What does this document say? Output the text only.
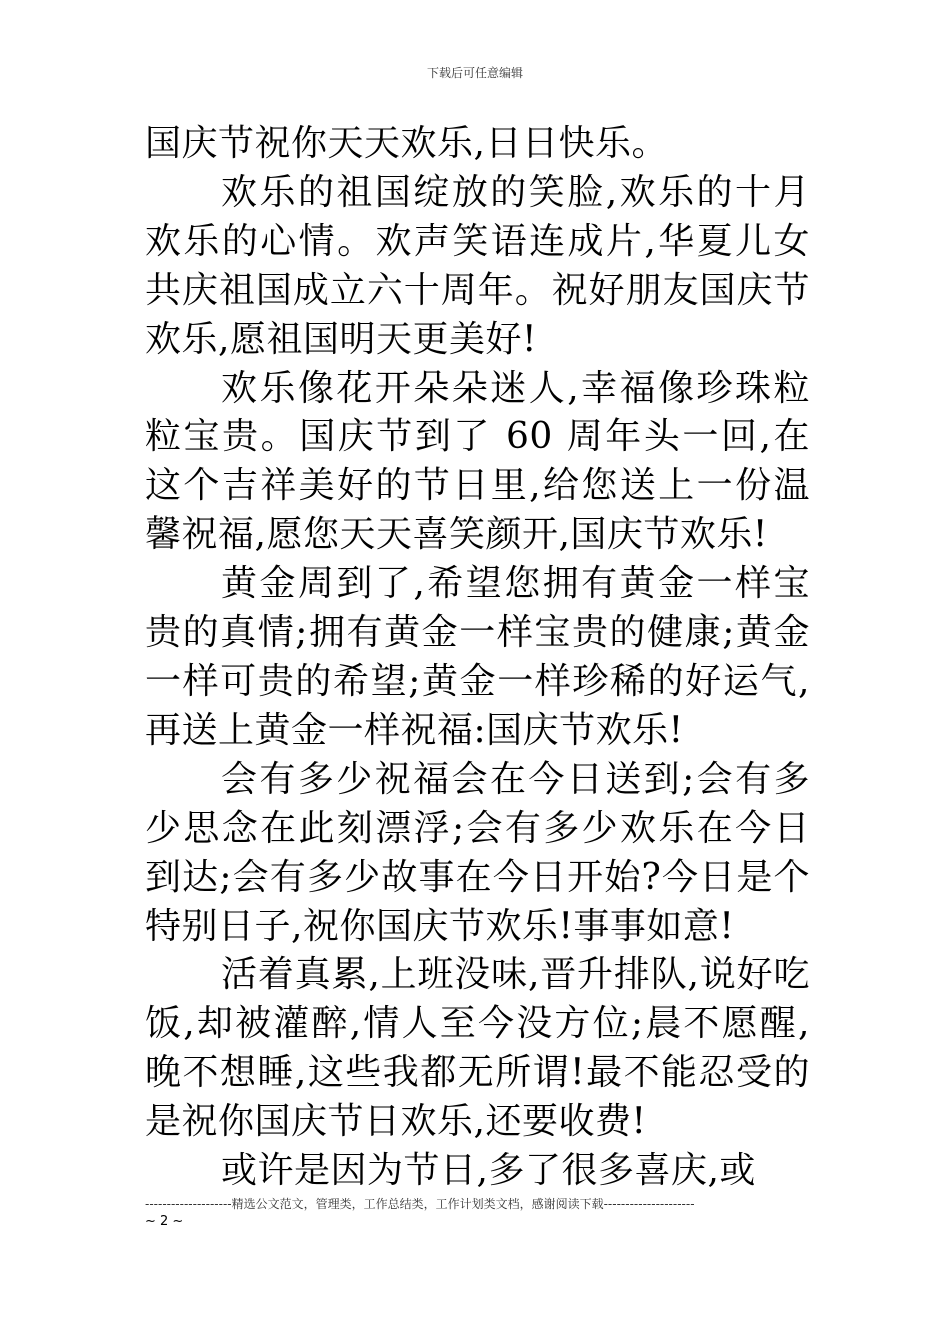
下载后可任意编辑

国庆节祝你天天欢乐,日日快乐。

欢乐的祖国绽放的笑脸,欢乐的十月欢乐的心情。欢声笑语连成片,华夏儿女共庆祖国成立六十周年。祝好朋友国庆节欢乐,愿祖国明天更美好!

欢乐像花开朵朵迷人,幸福像珍珠粒粒宝贵。国庆节到了 60 周年头一回,在这个吉祥美好的节日里,给您送上一份温馨祝福,愿您天天喜笑颜开,国庆节欢乐!

黄金周到了,希望您拥有黄金一样宝贵的真情;拥有黄金一样宝贵的健康;黄金一样可贵的希望;黄金一样珍稀的好运气,再送上黄金一样祝福:国庆节欢乐!

会有多少祝福会在今日送到;会有多少思念在此刻漂浮;会有多少欢乐在今日到达;会有多少故事在今日开始?今日是个特别日子,祝你国庆节欢乐!事事如意!

活着真累,上班没味,晋升排队,说好吃饭,却被灌醉,情人至今没方位;晨不愿醒,晚不想睡,这些我都无所谓!最不能忍受的是祝你国庆节日欢乐,还要收费!

或许是因为节日,多了很多喜庆,或

--------------------精选公文范文，管理类，工作总结类，工作计划类文档，感谢阅读下载---------------------
~ 2 ~
